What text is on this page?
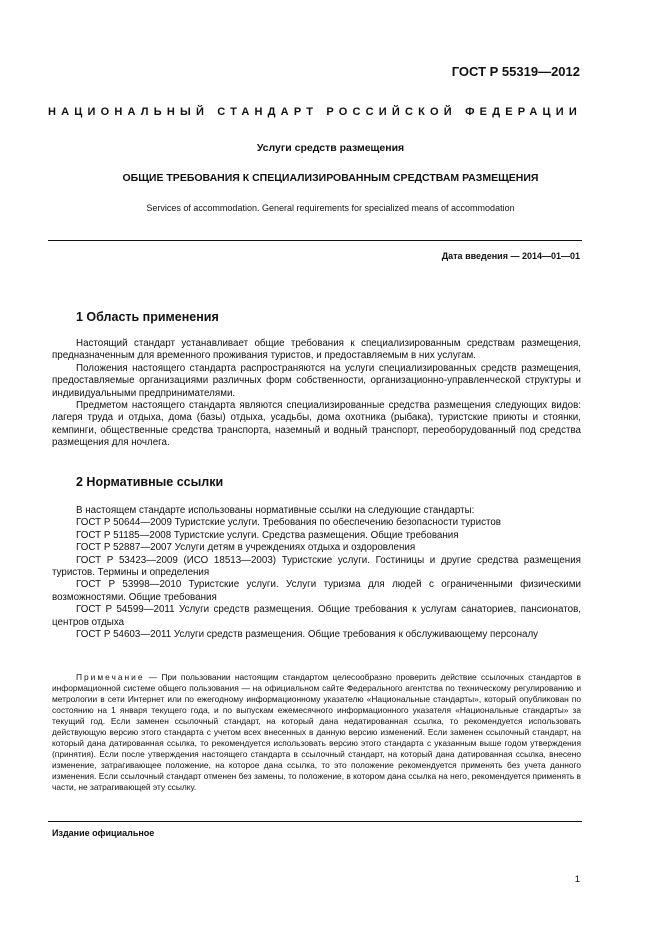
ГОСТ Р 55319—2012
НАЦИОНАЛЬНЫЙ СТАНДАРТ РОССИЙСКОЙ ФЕДЕРАЦИИ
Услуги средств размещения
ОБЩИЕ ТРЕБОВАНИЯ К СПЕЦИАЛИЗИРОВАННЫМ СРЕДСТВАМ РАЗМЕЩЕНИЯ
Services of accommodation. General requirements for specialized means of accommodation
Дата введения — 2014—01—01
1 Область применения

Настоящий стандарт устанавливает общие требования к специализированным средствам размещения, предназначенным для временного проживания туристов, и предоставляемым в них услугам.

Положения настоящего стандарта распространяются на услуги специализированных средств размещения, предоставляемые организациями различных форм собственности, организационно-управленческой структуры и индивидуальными предпринимателями.

Предметом настоящего стандарта являются специализированные средства размещения следующих видов: лагеря труда и отдыха, дома (базы) отдыха, усадьбы, дома охотника (рыбака), туристские приюты и стоянки, кемпинги, общественные средства транспорта, наземный и водный транспорт, переоборудованный под средства размещения для ночлега.

2 Нормативные ссылки

В настоящем стандарте использованы нормативные ссылки на следующие стандарты:

ГОСТ Р 50644—2009 Туристские услуги. Требования по обеспечению безопасности туристов

ГОСТ Р 51185—2008 Туристские услуги. Средства размещения. Общие требования

ГОСТ Р 52887—2007 Услуги детям в учреждениях отдыха и оздоровления

ГОСТ Р 53423—2009 (ИСО 18513—2003) Туристские услуги. Гостиницы и другие средства размещения туристов. Термины и определения

ГОСТ Р 53998—2010 Туристские услуги. Услуги туризма для людей с ограниченными физическими возможностями. Общие требования

ГОСТ Р 54599—2011 Услуги средств размещения. Общие требования к услугам санаториев, пансионатов, центров отдыха

ГОСТ Р 54603—2011 Услуги средств размещения. Общие требования к обслуживающему персоналу

Примечание — При пользовании настоящим стандартом целесообразно проверить действие ссылочных стандартов в информационной системе общего пользования — на официальном сайте Федерального агентства по техническому регулированию и метрологии в сети Интернет или по ежегодному информационному указателю «Национальные стандарты», который опубликован по состоянию на 1 января текущего года, и по выпускам ежемесячного информационного указателя «Национальные стандарты» за текущий год. Если заменен ссылочный стандарт, на который дана недатированная ссылка, то рекомендуется использовать действующую версию этого стандарта с учетом всех внесенных в данную версию изменений. Если заменен ссылочный стандарт, на который дана датированная ссылка, то рекомендуется использовать версию этого стандарта с указанным выше годом утверждения (принятия). Если после утверждения настоящего стандарта в ссылочный стандарт, на который дана датированная ссылка, внесено изменение, затрагивающее положение, на которое дана ссылка, то это положение рекомендуется применять без учета данного изменения. Если ссылочный стандарт отменен без замены, то положение, в котором дана ссылка на него, рекомендуется применять в части, не затрагивающей эту ссылку.

Издание официальное
1
